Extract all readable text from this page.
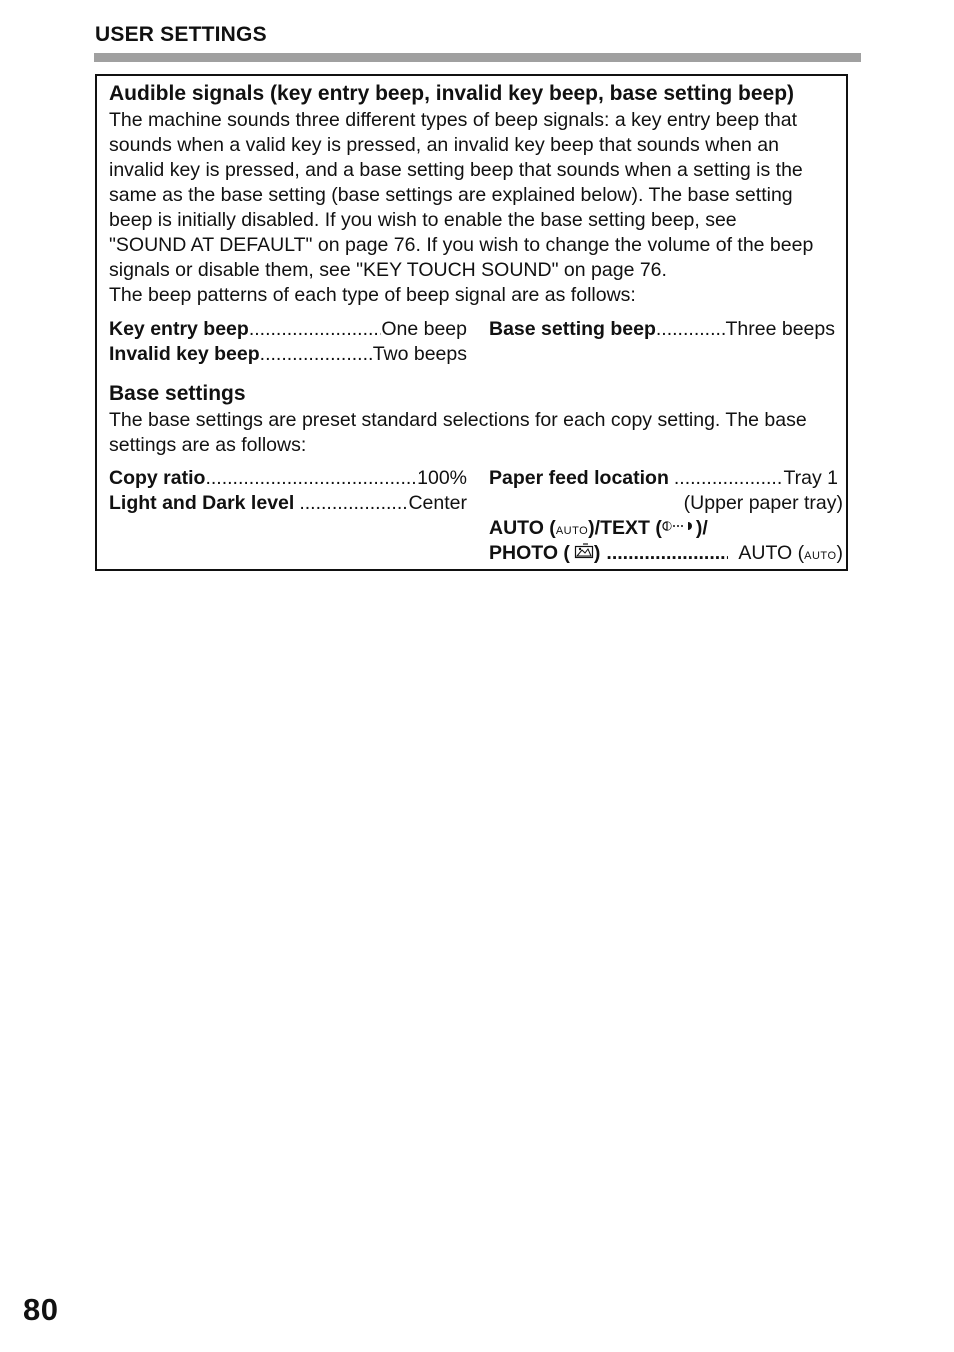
USER SETTINGS
Audible signals (key entry beep, invalid key beep, base setting beep)

The machine sounds three different types of beep signals: a key entry beep that
sounds when a valid key is pressed, an invalid key beep that sounds when an
invalid key is pressed, and a base setting beep that sounds when a setting is the
same as the base setting (base settings are explained below). The base setting
beep is initially disabled. If you wish to enable the base setting beep, see
"SOUND AT DEFAULT" on page 76. If you wish to change the volume of the beep
signals or disable them, see "KEY TOUCH SOUND" on page 76.
The beep patterns of each type of beep signal are as follows:

Key entry beep .....	One beep
Invalid key beep .....	Two beeps
Base setting beep .....	Three beeps
Base settings

The base settings are preset standard selections for each copy setting. The base
settings are as follows:

Copy ratio .....	100%
Light and Dark level .....	Center
Paper feed location .....	Tray 1
(Upper paper tray)
AUTO ( AUTO )/TEXT ( )/
PHOTO ( ) .....	AUTO ( AUTO )
80
